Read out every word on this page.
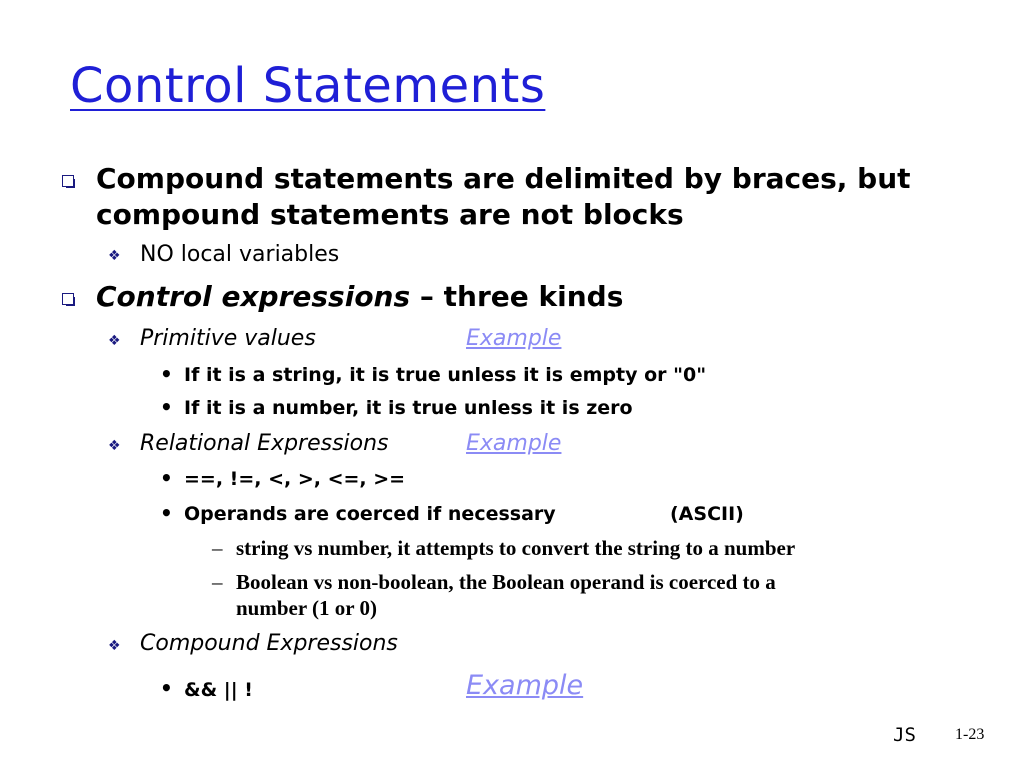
Control Statements
Compound statements are delimited by braces, but
compound statements are not blocks
❖ NO local variables
Control expressions – three kinds
❖ Primitive values	Example
• If it is a string, it is true unless it is empty or "0"
• If it is a number, it is true unless it is zero
❖ Relational Expressions	Example
• ==, !=, <, >, <=, >=
• Operands are coerced if necessary	(ASCII)
– string vs number, it attempts to convert the string to a number
– Boolean vs non-boolean, the Boolean operand is coerced to a
number (1 or 0)
❖ Compound Expressions
• && || !	Example
JS 1-23
